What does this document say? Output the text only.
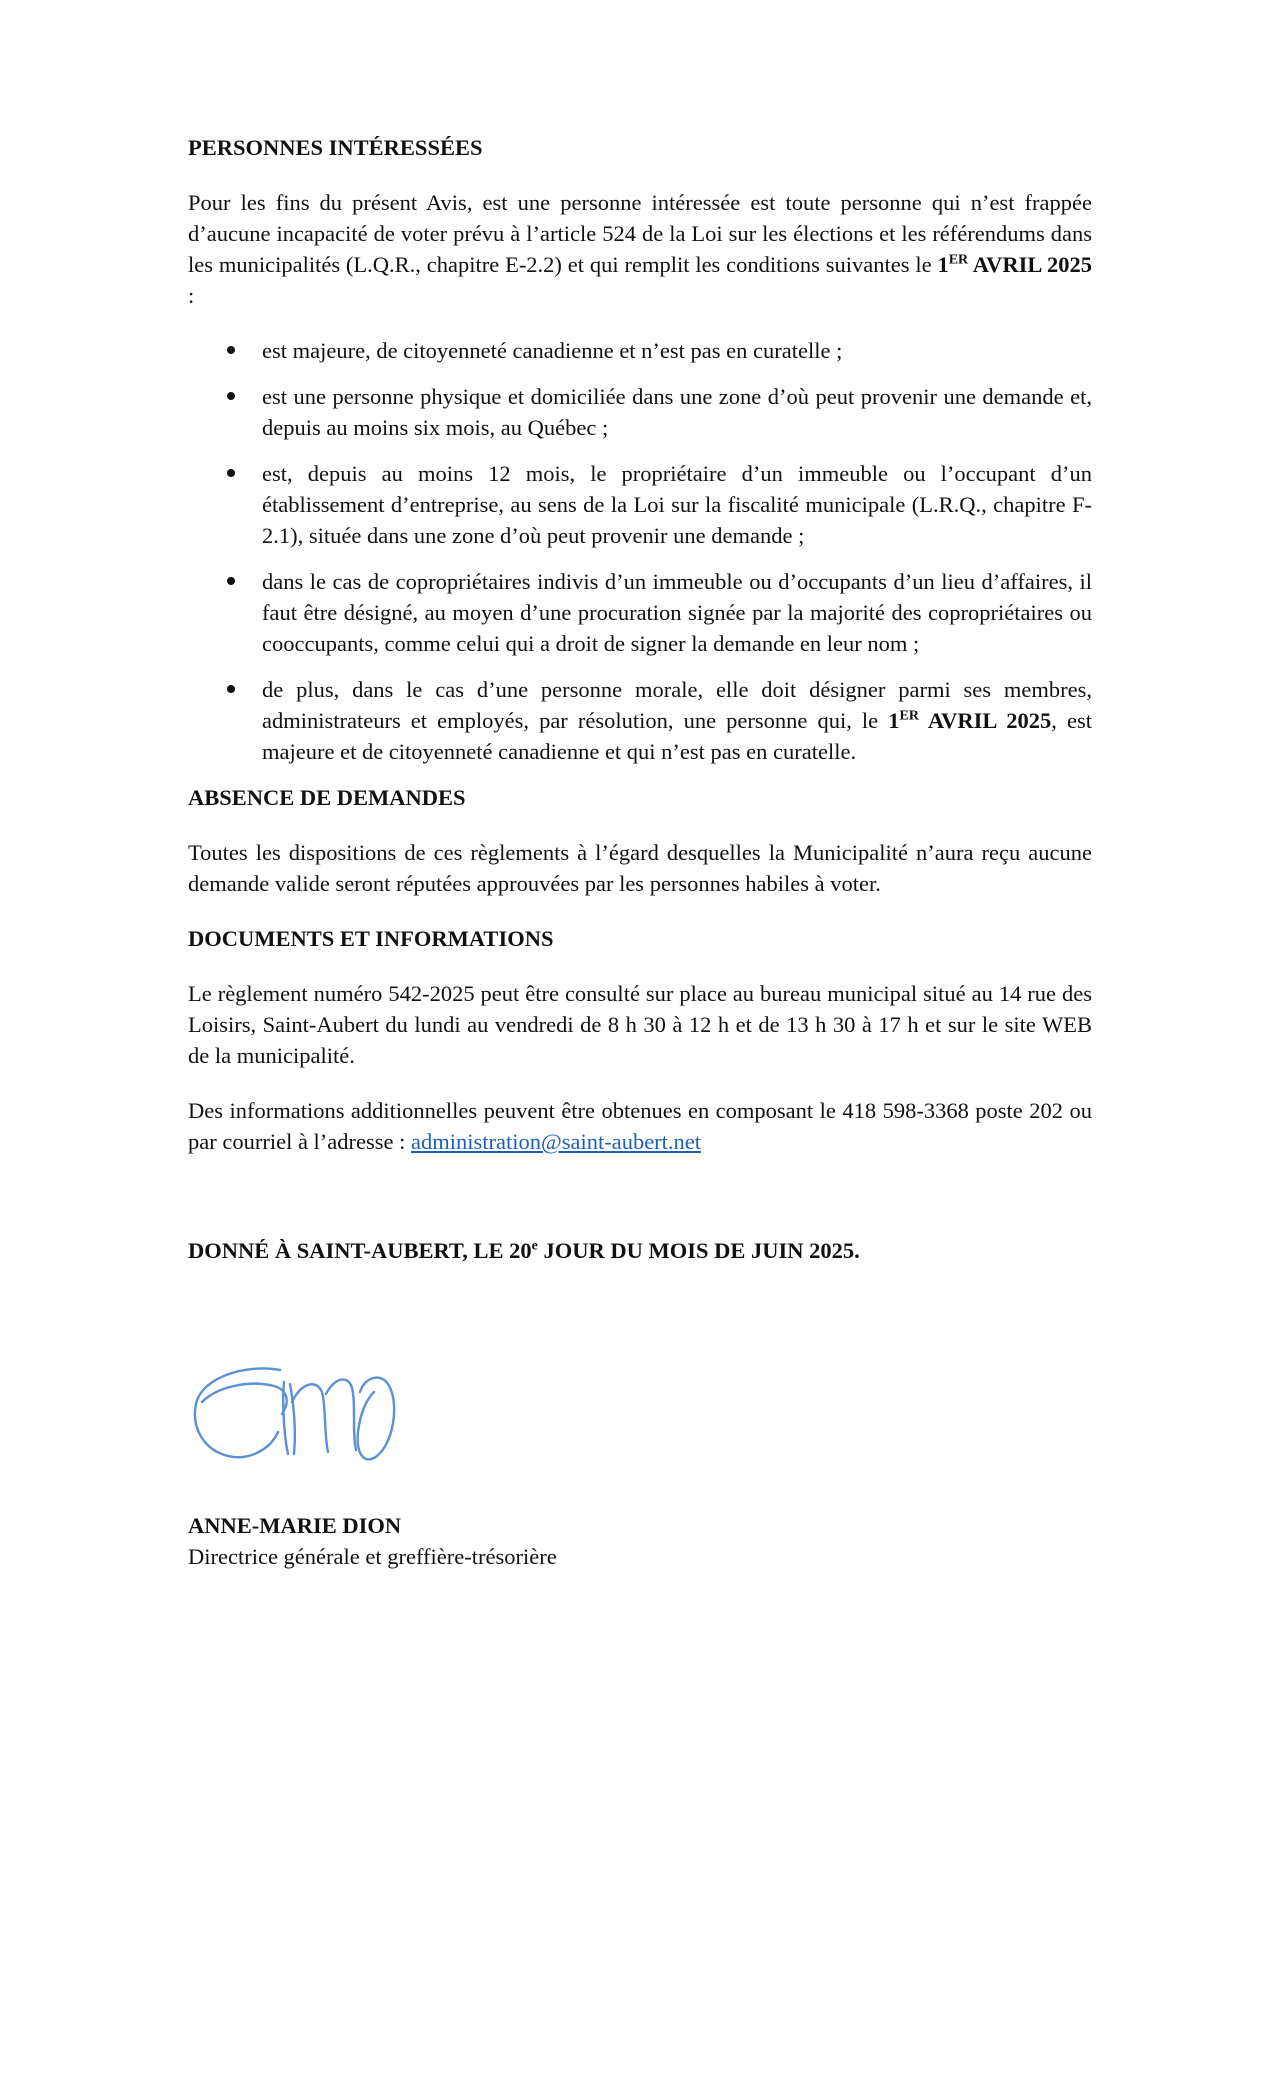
PERSONNES INTÉRESSÉES

Pour les fins du présent Avis, est une personne intéressée est toute personne qui n’est frappée d’aucune incapacité de voter prévu à l’article 524 de la Loi sur les élections et les référendums dans les municipalités (L.Q.R., chapitre E-2.2) et qui remplit les conditions suivantes le 1ER AVRIL 2025 :

est majeure, de citoyenneté canadienne et n’est pas en curatelle ;
est une personne physique et domiciliée dans une zone d’où peut provenir une demande et, depuis au moins six mois, au Québec ;
est, depuis au moins 12 mois, le propriétaire d’un immeuble ou l’occupant d’un établissement d’entreprise, au sens de la Loi sur la fiscalité municipale (L.R.Q., chapitre F-2.1), située dans une zone d’où peut provenir une demande ;
dans le cas de copropriétaires indivis d’un immeuble ou d’occupants d’un lieu d’affaires, il faut être désigné, au moyen d’une procuration signée par la majorité des copropriétaires ou cooccupants, comme celui qui a droit de signer la demande en leur nom ;
de plus, dans le cas d’une personne morale, elle doit désigner parmi ses membres, administrateurs et employés, par résolution, une personne qui, le 1ER AVRIL 2025, est majeure et de citoyenneté canadienne et qui n’est pas en curatelle.
ABSENCE DE DEMANDES

Toutes les dispositions de ces règlements à l’égard desquelles la Municipalité n’aura reçu aucune demande valide seront réputées approuvées par les personnes habiles à voter.

DOCUMENTS ET INFORMATIONS

Le règlement numéro 542-2025 peut être consulté sur place au bureau municipal situé au 14 rue des Loisirs, Saint-Aubert du lundi au vendredi de 8 h 30 à 12 h et de 13 h 30 à 17 h et sur le site WEB de la municipalité.

Des informations additionnelles peuvent être obtenues en composant le 418 598-3368 poste 202 ou par courriel à l’adresse : administration@saint-aubert.net

DONNÉ À SAINT-AUBERT, LE 20e JOUR DU MOIS DE JUIN 2025.

ANNE-MARIE DION

Directrice générale et greffière-trésorière
